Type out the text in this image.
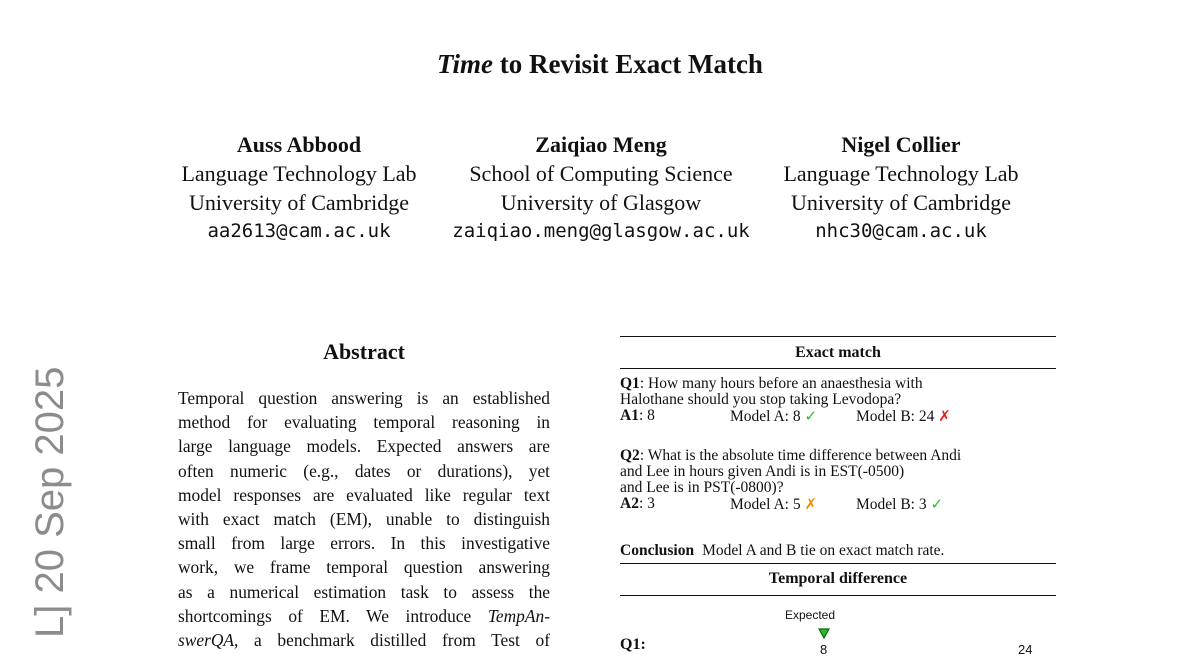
Time to Revisit Exact Match
Auss Abbood
Language Technology Lab
University of Cambridge
aa2613@cam.ac.uk
Zaiqiao Meng
School of Computing Science
University of Glasgow
zaiqiao.meng@glasgow.ac.uk
Nigel Collier
Language Technology Lab
University of Cambridge
nhc30@cam.ac.uk
L] 20 Sep 2025
Abstract
Temporal question answering is an established
method for evaluating temporal reasoning in
large language models. Expected answers are
often numeric (e.g., dates or durations), yet
model responses are evaluated like regular text
with exact match (EM), unable to distinguish
small from large errors. In this investigative
work, we frame temporal question answering
as a numerical estimation task to assess the
shortcomings of EM. We introduce TempAn-
swerQA, a benchmark distilled from Test of
Exact match
Q1: How many hours before an anaesthesia with
Halothane should you stop taking Levodopa?
A1: 8	Model A: 8 ✓	Model B: 24 ✗
Q2: What is the absolute time difference between Andi
and Lee in hours given Andi is in EST(-0500)
and Lee is in PST(-0800)?
A2: 3	Model A: 5 ✗	Model B: 3 ✓
Conclusion Model A and B tie on exact match rate.
Temporal difference
Expected
Q1:	8	24
